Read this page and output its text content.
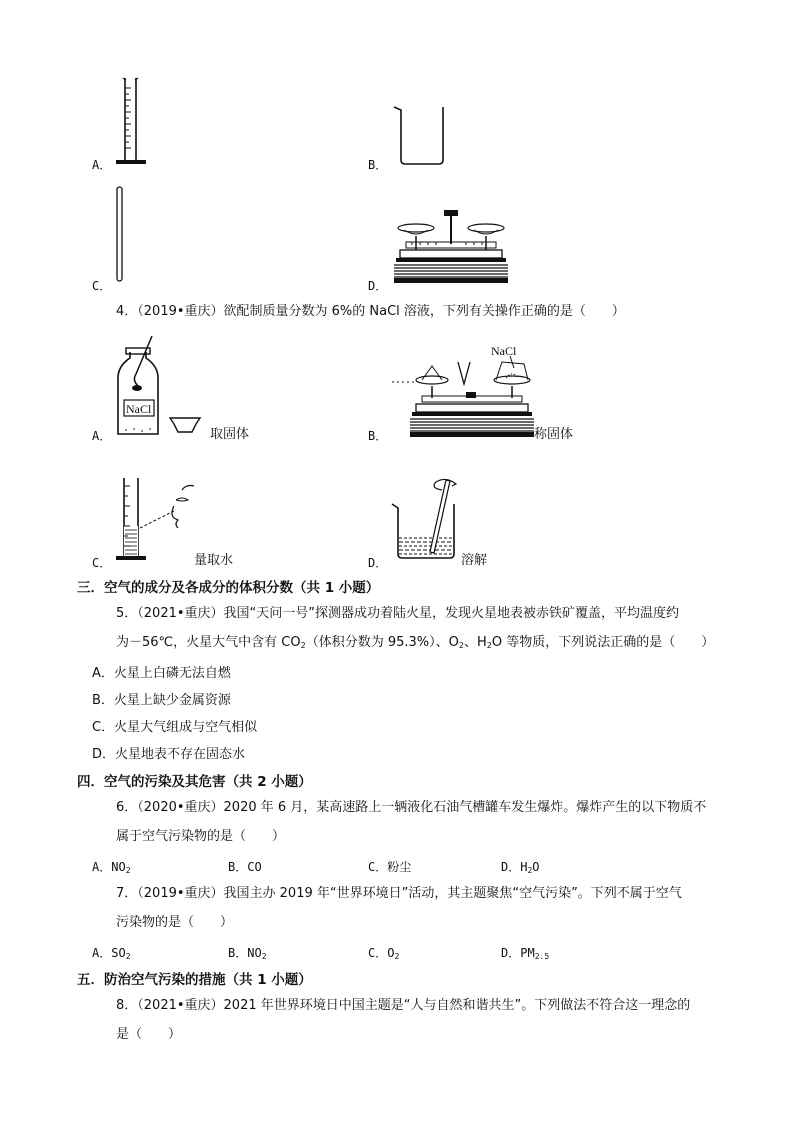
A．	B．
C．	D．
4．（2019•重庆）欲配制质量分数为 6%的 NaCl 溶液，下列有关操作正确的是（　　）
NaCl
A．	取固体
NaCl
B．	称固体
C．	量取水	D．	溶解
三．空气的成分及各成分的体积分数（共 1 小题）
5．（2021•重庆）我国“天问一号”探测器成功着陆火星，发现火星地表被赤铁矿覆盖，平均温度约
为－56℃，火星大气中含有 $CO_2$（体积分数为 95.3%）、$O_2$、$H_2O$ 等物质，下列说法正确的是（　　）
A．火星上白磷无法自燃
B．火星上缺少金属资源
C．火星大气组成与空气相似
D．火星地表不存在固态水
四．空气的污染及其危害（共 2 小题）
6．（2020•重庆）2020 年 6 月，某高速路上一辆液化石油气槽罐车发生爆炸。爆炸产生的以下物质不
属于空气污染物的是（　　）
A．$NO_2$	B．CO	C．粉尘	D．$H_2O$
7．（2019•重庆）我国主办 2019 年“世界环境日”活动，其主题聚焦“空气污染”。下列不属于空气
污染物的是（　　）
A．$SO_2$	B．$NO_2$	C．$O_2$	D．$PM_{2.5}$
五．防治空气污染的措施（共 1 小题）
8．（2021•重庆）2021 年世界环境日中国主题是“人与自然和谐共生”。下列做法不符合这一理念的
是（　　）
